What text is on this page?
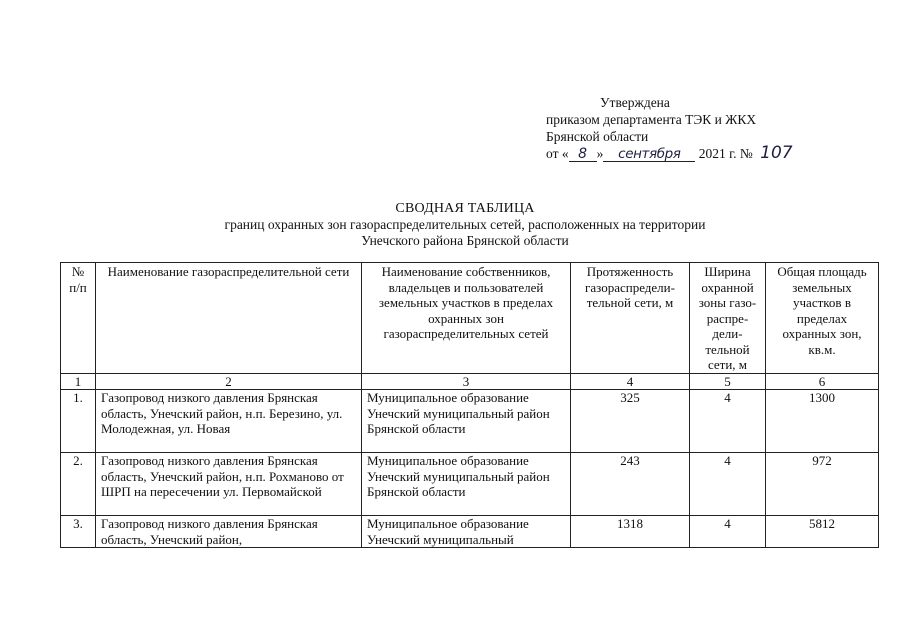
Утверждена
приказом департамента ТЭК и ЖКХ
Брянской области
от « 8 » сентября 2021 г. № 107
СВОДНАЯ ТАБЛИЦА
границ охранных зон газораспределительных сетей, расположенных на территории
Унечского района Брянской области
№ п/п	Наименование газораспределительной сети	Наименование собственников, владельцев и пользователей земельных участков в пределах охранных зон газораспределительных сетей	Протяженность газораспредели-тельной сети, м	Ширина охранной зоны газо-распре-дели-тельной сети, м	Общая площадь земельных участков в пределах охранных зон, кв.м.
1	2	3	4	5	6
1.	Газопровод низкого давления Брянская область, Унечский район, н.п. Березино, ул. Молодежная, ул. Новая	Муниципальное образование Унечский муниципальный район Брянской области	325	4	1300
2.	Газопровод низкого давления Брянская область, Унечский район, н.п. Рохманово от ШРП на пересечении ул. Первомайской	Муниципальное образование Унечский муниципальный район Брянской области	243	4	972
3.	Газопровод низкого давления Брянская область, Унечский район,	Муниципальное образование Унечский муниципальный	1318	4	5812
